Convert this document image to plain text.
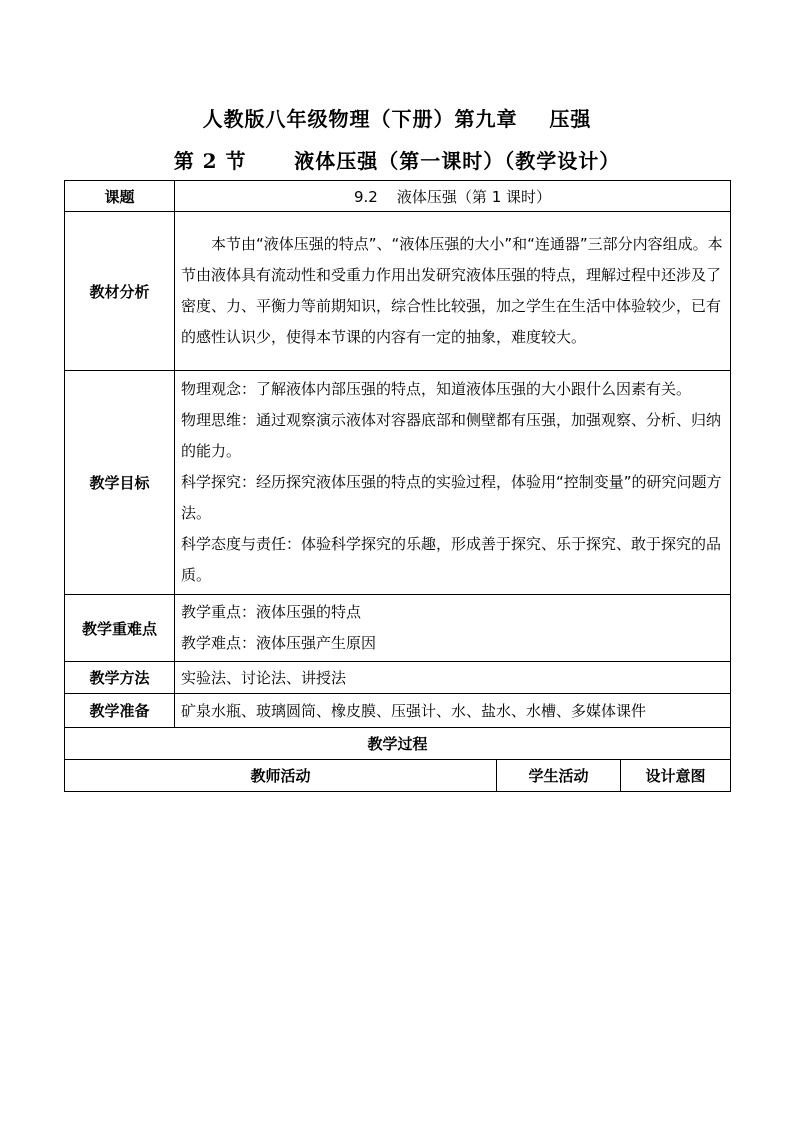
人教版八年级物理（下册）第九章    压强
第 2 节      液体压强（第一课时）（教学设计）
课题	9.2    液体压强（第 1 课时）		
教材分析	本节由“液体压强的特点”、“液体压强的大小”和“连通器”三部分内容组成。本节由液体具有流动性和受重力作用出发研究液体压强的特点，理解过程中还涉及了密度、力、平衡力等前期知识，综合性比较强，加之学生在生活中体验较少，已有的感性认识少，使得本节课的内容有一定的抽象，难度较大。		

教学目标	物理观念：了解液体内部压强的特点，知道液体压强的大小跟什么因素有关。

物理思维：通过观察演示液体对容器底部和侧壁都有压强，加强观察、分析、归纳的能力。

科学探究：经历探究液体压强的特点的实验过程，体验用“控制变量”的研究问题方法。

科学态度与责任：体验科学探究的乐趣，形成善于探究、乐于探究、敢于探究的品质。		

教学重难点	教学重点：液体压强的特点

教学难点：液体压强产生原因		

教学方法	实验法、讨论法、讲授法		
教学准备	矿泉水瓶、玻璃圆筒、橡皮膜、压强计、水、盐水、水槽、多媒体课件		
教学过程			
教师活动		学生活动	设计意图
